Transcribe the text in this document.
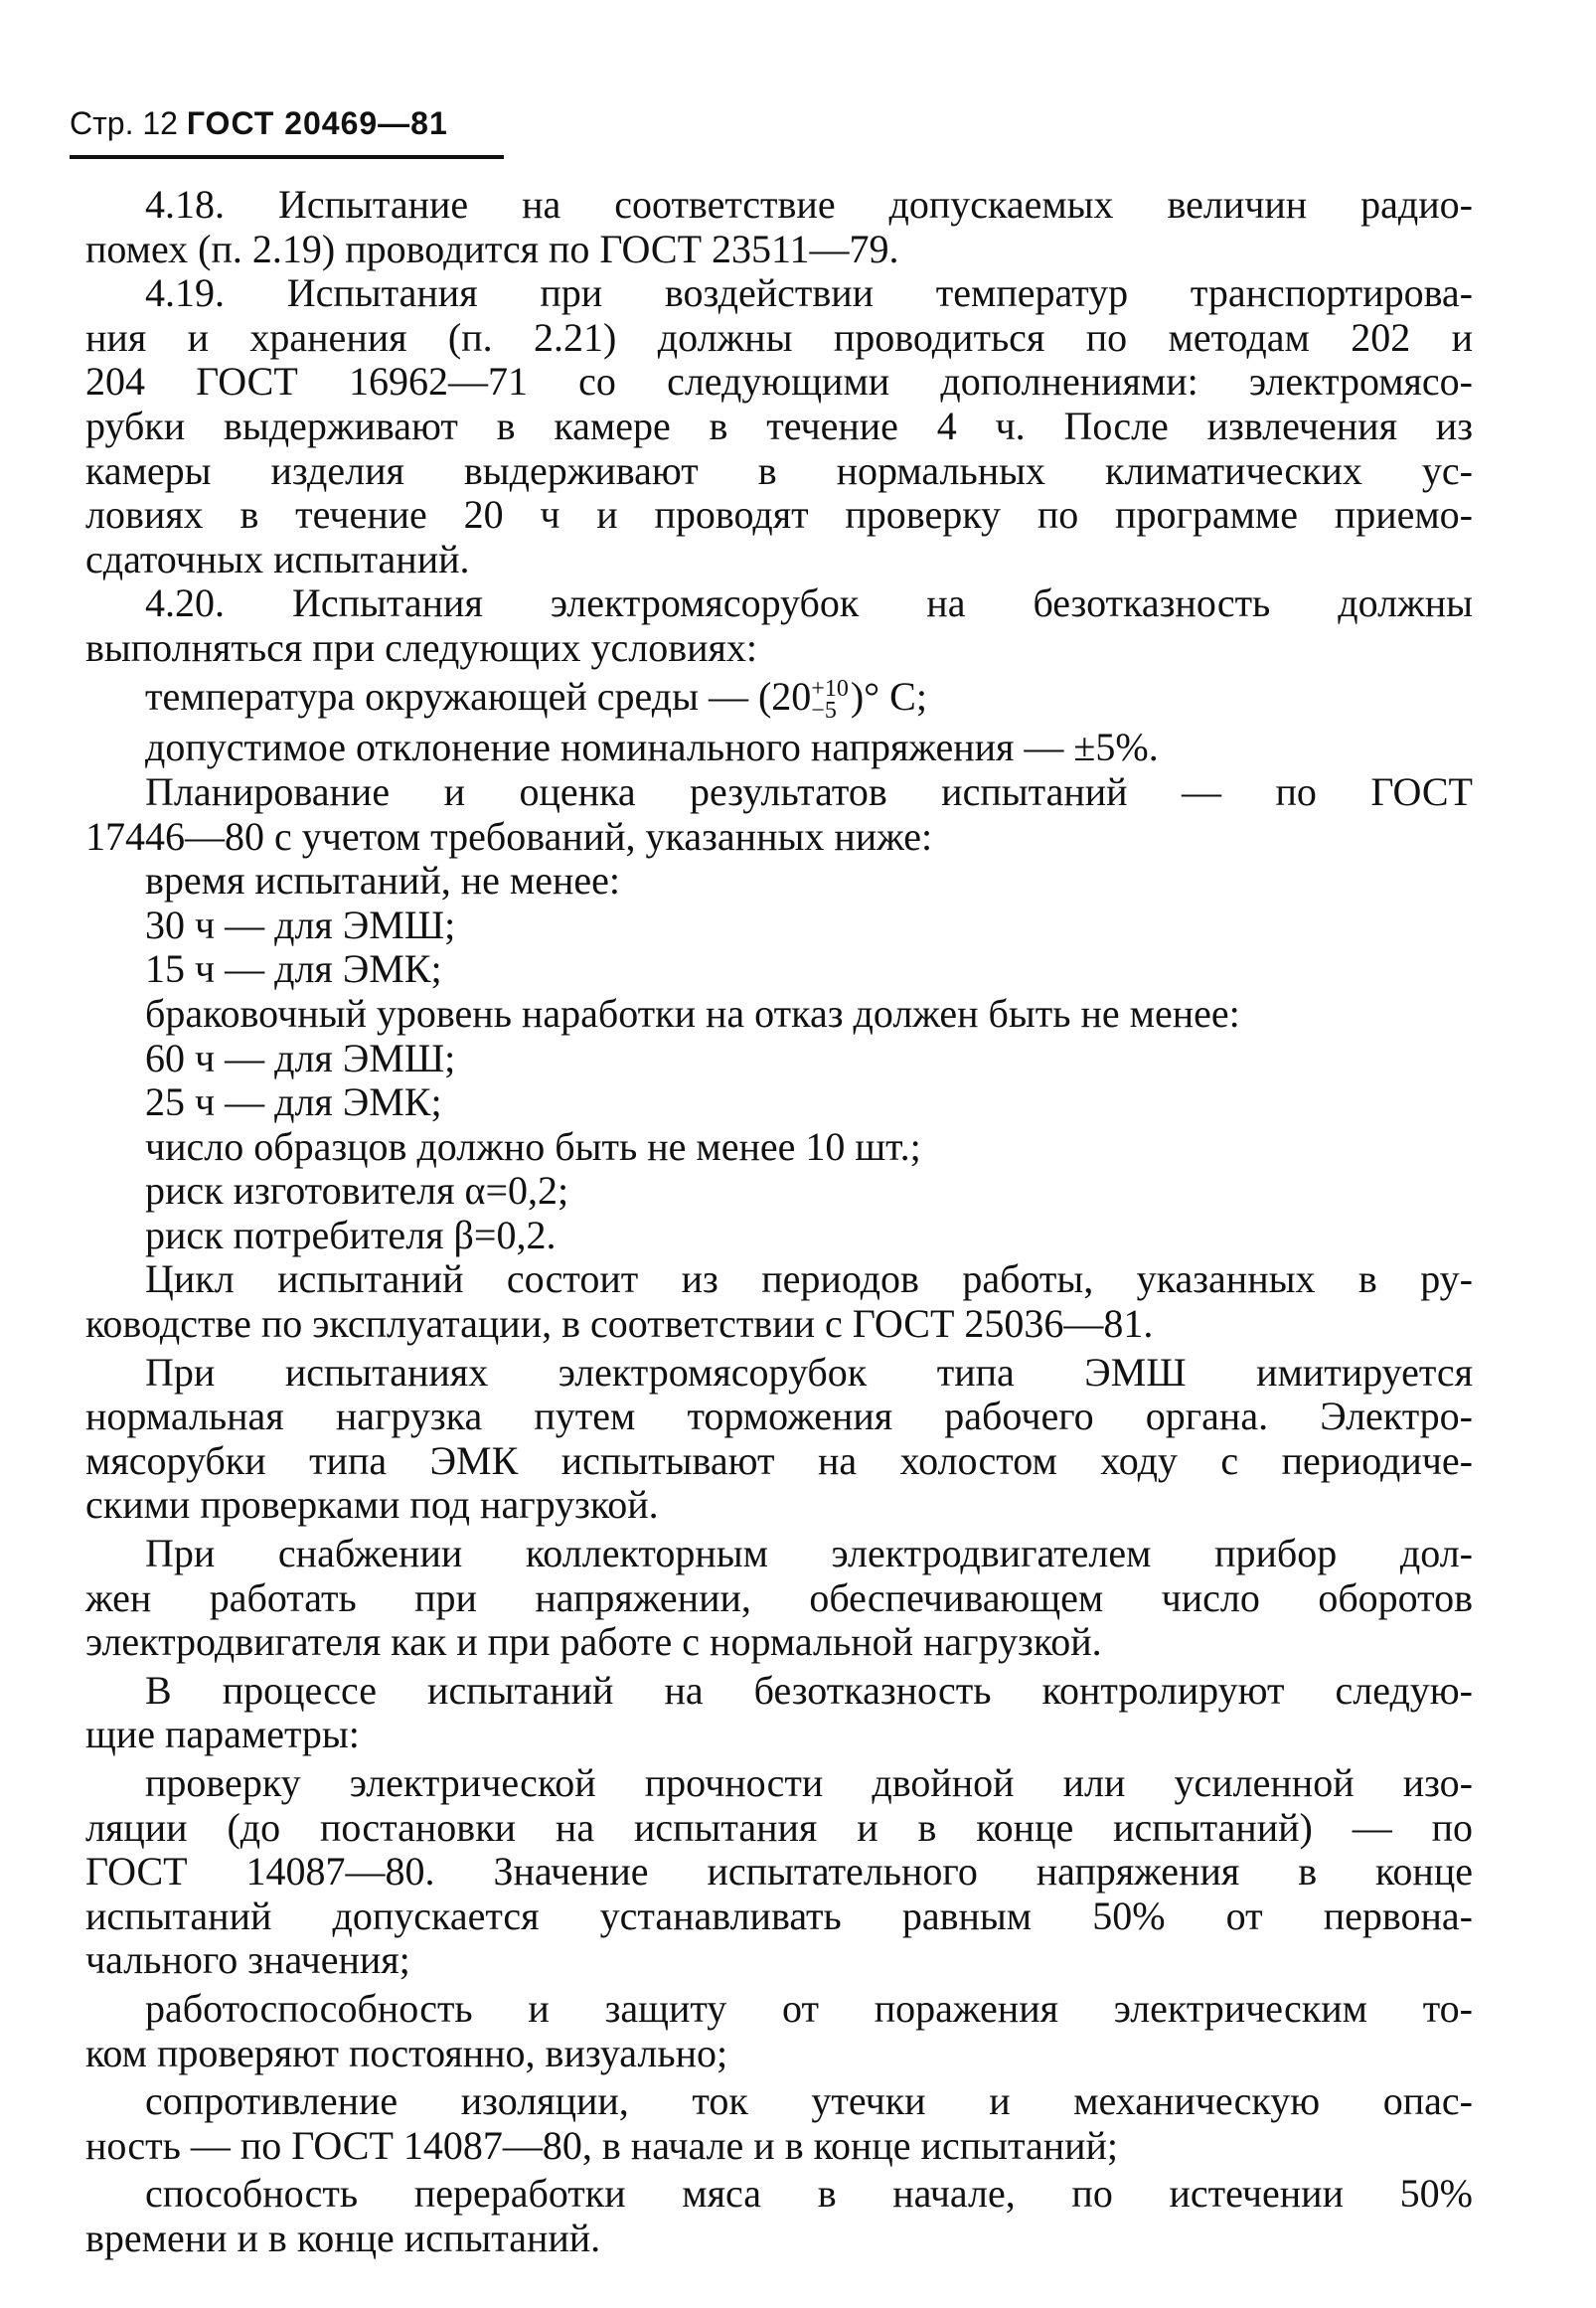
Стр. 12 ГОСТ 20469—81

4.18. Испытание на соответствие допускаемых величин радио-

помех (п. 2.19) проводится по ГОСТ 23511—79.

4.19. Испытания при воздействии температур транспортирова-

ния и хранения (п. 2.21) должны проводиться по методам 202 и

204 ГОСТ 16962—71 со следующими дополнениями: электромясо-

рубки выдерживают в камере в течение 4 ч. После извлечения из

камеры изделия выдерживают в нормальных климатических ус-

ловиях в течение 20 ч и проводят проверку по программе приемо-

сдаточных испытаний.

4.20. Испытания электромясорубок на безотказность должны

выполняться при следующих условиях:

температура окружающей среды — (20 +10
−5 )° С;

допустимое отклонение номинального напряжения — ±5%.

Планирование и оценка результатов испытаний — по ГОСТ

17446—80 с учетом требований, указанных ниже:

время испытаний, не менее:

30 ч — для ЭМШ;

15 ч — для ЭМК;

браковочный уровень наработки на отказ должен быть не менее:

60 ч — для ЭМШ;

25 ч — для ЭМК;

число образцов должно быть не менее 10 шт.;

риск изготовителя α=0,2;

риск потребителя β=0,2.

Цикл испытаний состоит из периодов работы, указанных в ру-

ководстве по эксплуатации, в соответствии с ГОСТ 25036—81.

При испытаниях электромясорубок типа ЭМШ имитируется

нормальная нагрузка путем торможения рабочего органа. Электро-

мясорубки типа ЭМК испытывают на холостом ходу с периодиче-

скими проверками под нагрузкой.

При снабжении коллекторным электродвигателем прибор дол-

жен работать при напряжении, обеспечивающем число оборотов

электродвигателя как и при работе с нормальной нагрузкой.

В процессе испытаний на безотказность контролируют следую-

щие параметры:

проверку электрической прочности двойной или усиленной изо-

ляции (до постановки на испытания и в конце испытаний) — по

ГОСТ 14087—80. Значение испытательного напряжения в конце

испытаний допускается устанавливать равным 50% от первона-

чального значения;

работоспособность и защиту от поражения электрическим то-

ком проверяют постоянно, визуально;

сопротивление изоляции, ток утечки и механическую опас-

ность — по ГОСТ 14087—80, в начале и в конце испытаний;

способность переработки мяса в начале, по истечении 50%

времени и в конце испытаний.
